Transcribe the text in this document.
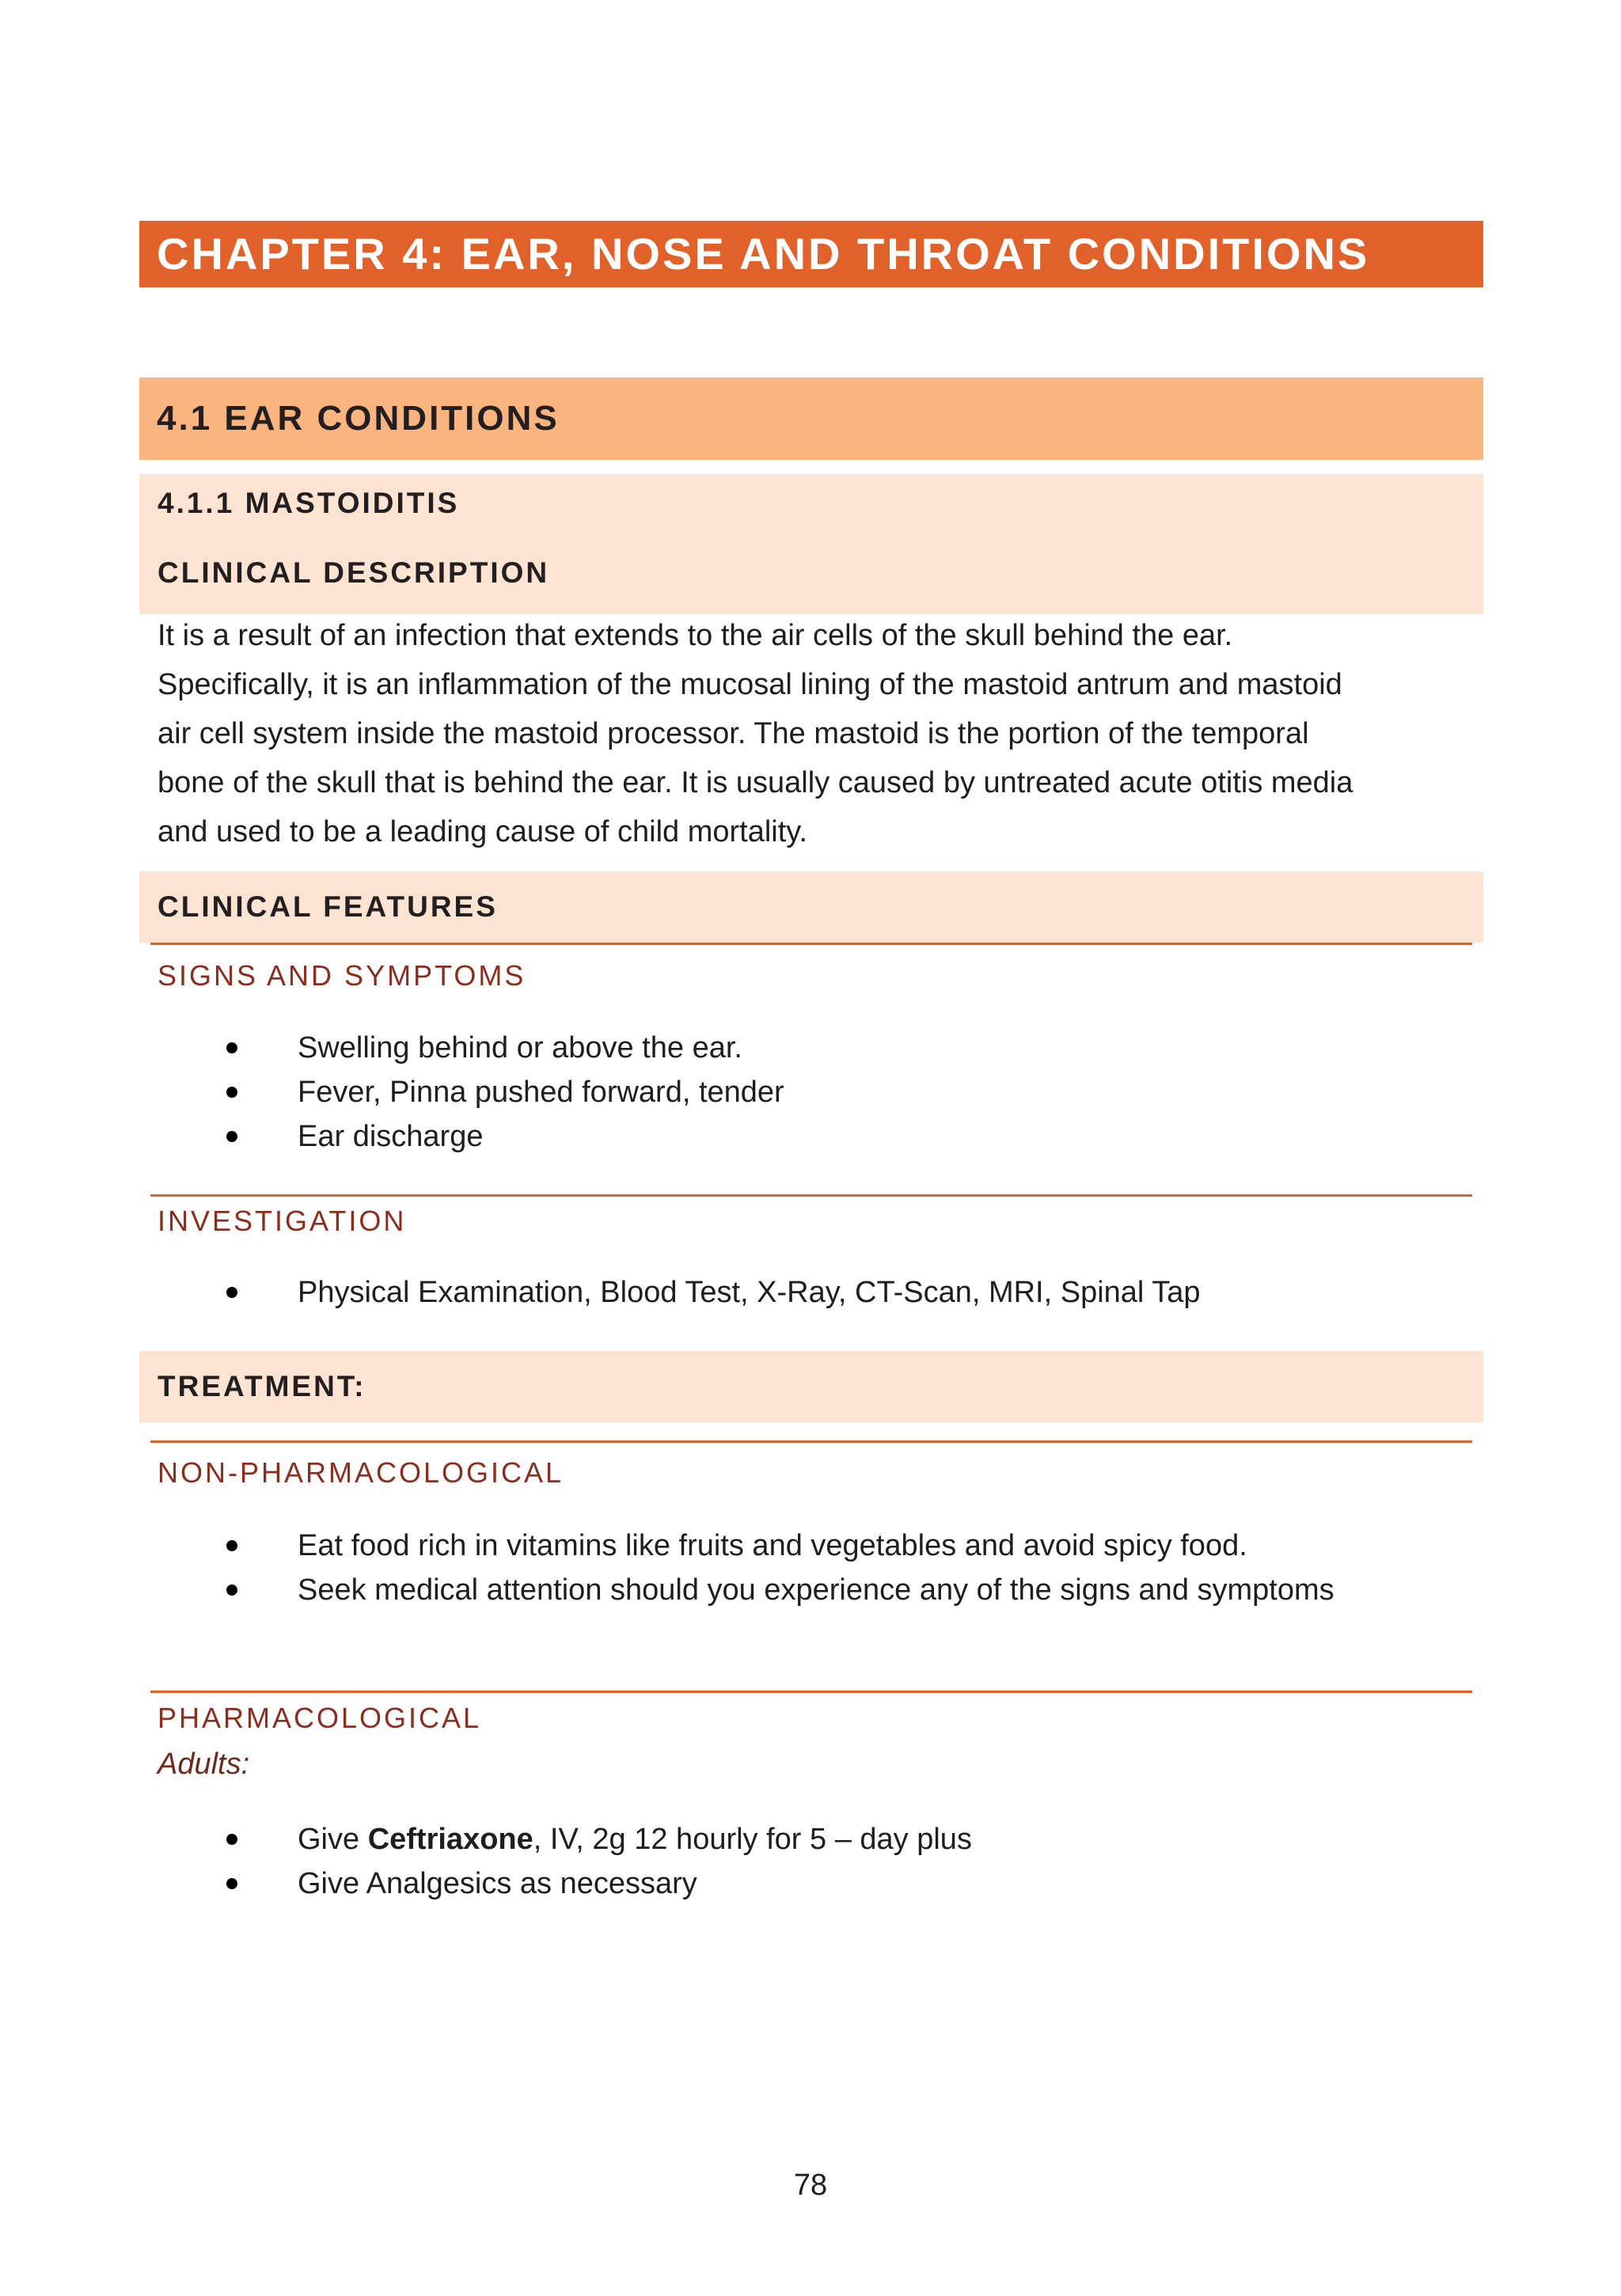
CHAPTER 4: EAR, NOSE AND THROAT CONDITIONS
4.1 EAR CONDITIONS
4.1.1 MASTOIDITIS
CLINICAL DESCRIPTION
It is a result of an infection that extends to the air cells of the skull behind the ear.
Specifically, it is an inflammation of the mucosal lining of the mastoid antrum and mastoid
air cell system inside the mastoid processor. The mastoid is the portion of the temporal
bone of the skull that is behind the ear. It is usually caused by untreated acute otitis media
and used to be a leading cause of child mortality.
CLINICAL FEATURES
SIGNS AND SYMPTOMS
Swelling behind or above the ear.
Fever, Pinna pushed forward, tender
Ear discharge
INVESTIGATION
Physical Examination, Blood Test, X-Ray, CT-Scan, MRI, Spinal Tap
TREATMENT:
NON-PHARMACOLOGICAL
Eat food rich in vitamins like fruits and vegetables and avoid spicy food.
Seek medical attention should you experience any of the signs and symptoms
PHARMACOLOGICAL
Adults:
Give Ceftriaxone, IV, 2g 12 hourly for 5 – day plus
Give Analgesics as necessary
78
